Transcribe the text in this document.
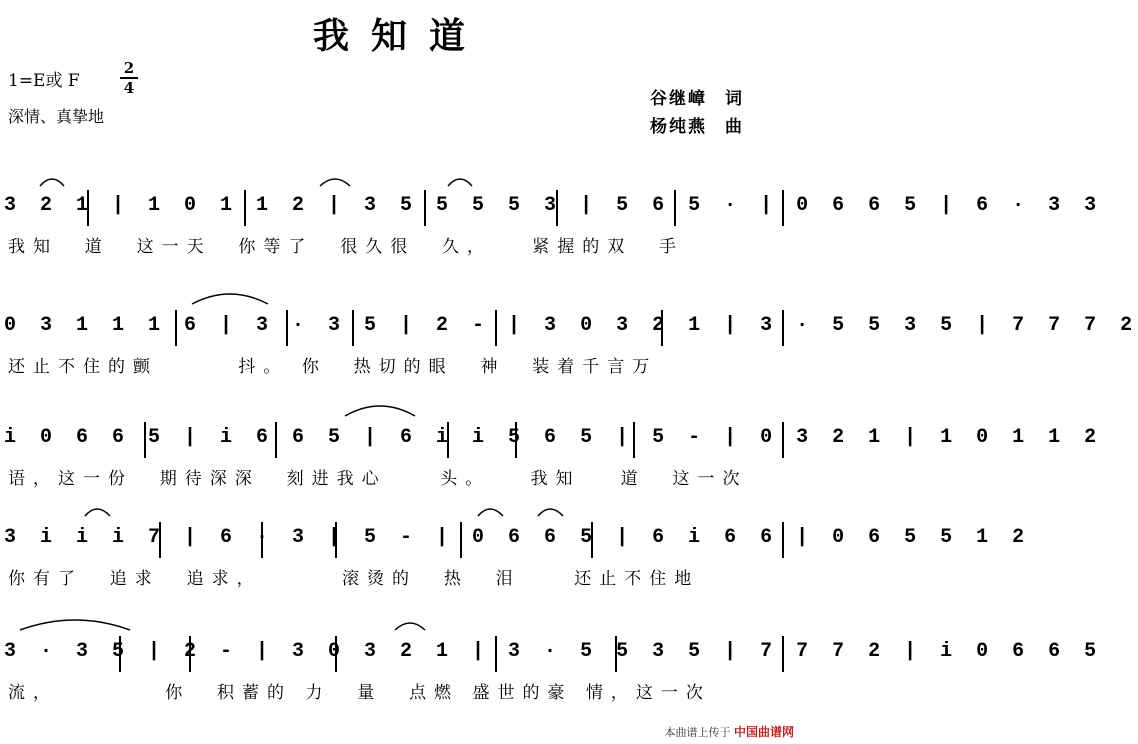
我知道
1=E或 F
2
4
深情、真挚地
谷继嶂 词
杨纯燕 曲
3 2 1 | 1 0 1 1 2 | 3 5 5 5 5 3 | 5 6 5 · | 0 6 6 5 | 6 · 3 3
我知  道  这一天  你等了  很久很  久，   紧握的双  手
0 3 1 1 1 6 | 3 · 3 5 | 2 - | 3 0 3 2 1 | 3 · 5 5 3 5 | 7 7 7 2
还止不住的颤      抖。 你  热切的眼  神  装着千言万
i 0 6 6 5 | i 6 6 5 | 6 i i 5 6 5 | 5 - | 0 3 2 1 | 1 0 1 1 2
语，这一份  期待深深  刻进我心    头。   我知   道  这一次
3 i i i 7 | 6 · 3 | 5 - | 0 6 6 5 | 6 i 6 6 | 0 6 5 5 1 2
你有了  追求  追求，      滚烫的  热  泪    还止不住地
3 · 3 5 | 2 - | 3 0 3 2 1 | 3 · 5 5 3 5 | 7 7 7 2 | i 0 6 6 5
流，        你  积蓄的 力  量  点燃 盛世的豪 情，这一次
本曲谱上传于 中国曲谱网
